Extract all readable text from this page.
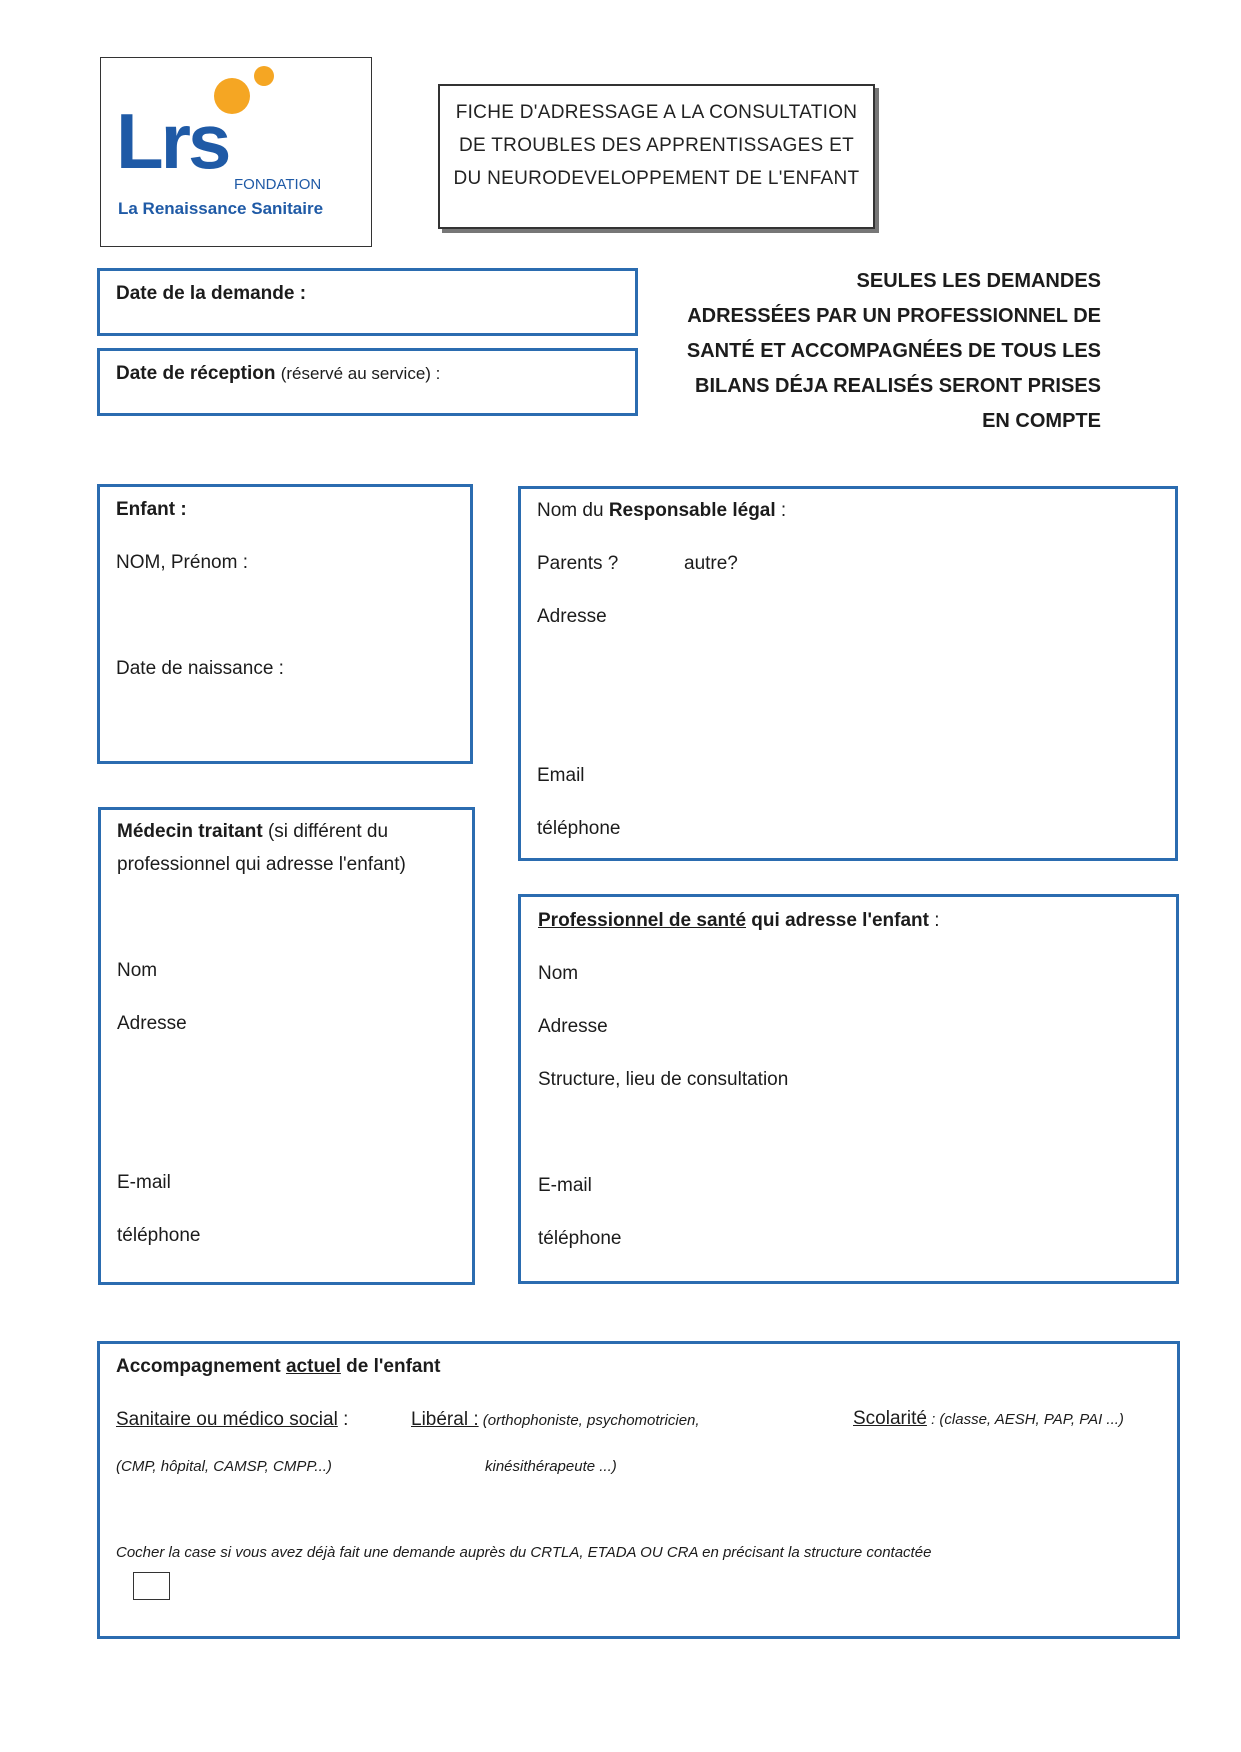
Lrs FONDATION
La Renaissance Sanitaire
FICHE D'ADRESSAGE A LA CONSULTATION
DE TROUBLES DES APPRENTISSAGES ET
DU NEURODEVELOPPEMENT DE L'ENFANT
Date de la demande :
Date de réception (réservé au service) :
SEULES LES DEMANDES
ADRESSÉES PAR UN PROFESSIONNEL DE
SANTÉ ET ACCOMPAGNÉES DE TOUS LES
BILANS DÉJA REALISÉS SERONT PRISES
EN COMPTE
Enfant :
NOM, Prénom :
Date de naissance :
Nom du Responsable légal :
Parents ?	autre?
Adresse
Email
téléphone
Médecin traitant (si différent du
professionnel qui adresse l'enfant)
Nom
Adresse
E-mail
téléphone
Professionnel de santé qui adresse l'enfant :
Nom
Adresse
Structure, lieu de consultation
E-mail
téléphone
Accompagnement actuel de l'enfant
Sanitaire ou médico social :
(CMP, hôpital, CAMSP, CMPP...)
Libéral : (orthophoniste, psychomotricien,
kinésithérapeute ...)
Scolarité : (classe, AESH, PAP, PAI ...)
Cocher la case si vous avez déjà fait une demande auprès du CRTLA, ETADA OU CRA en précisant la structure contactée
